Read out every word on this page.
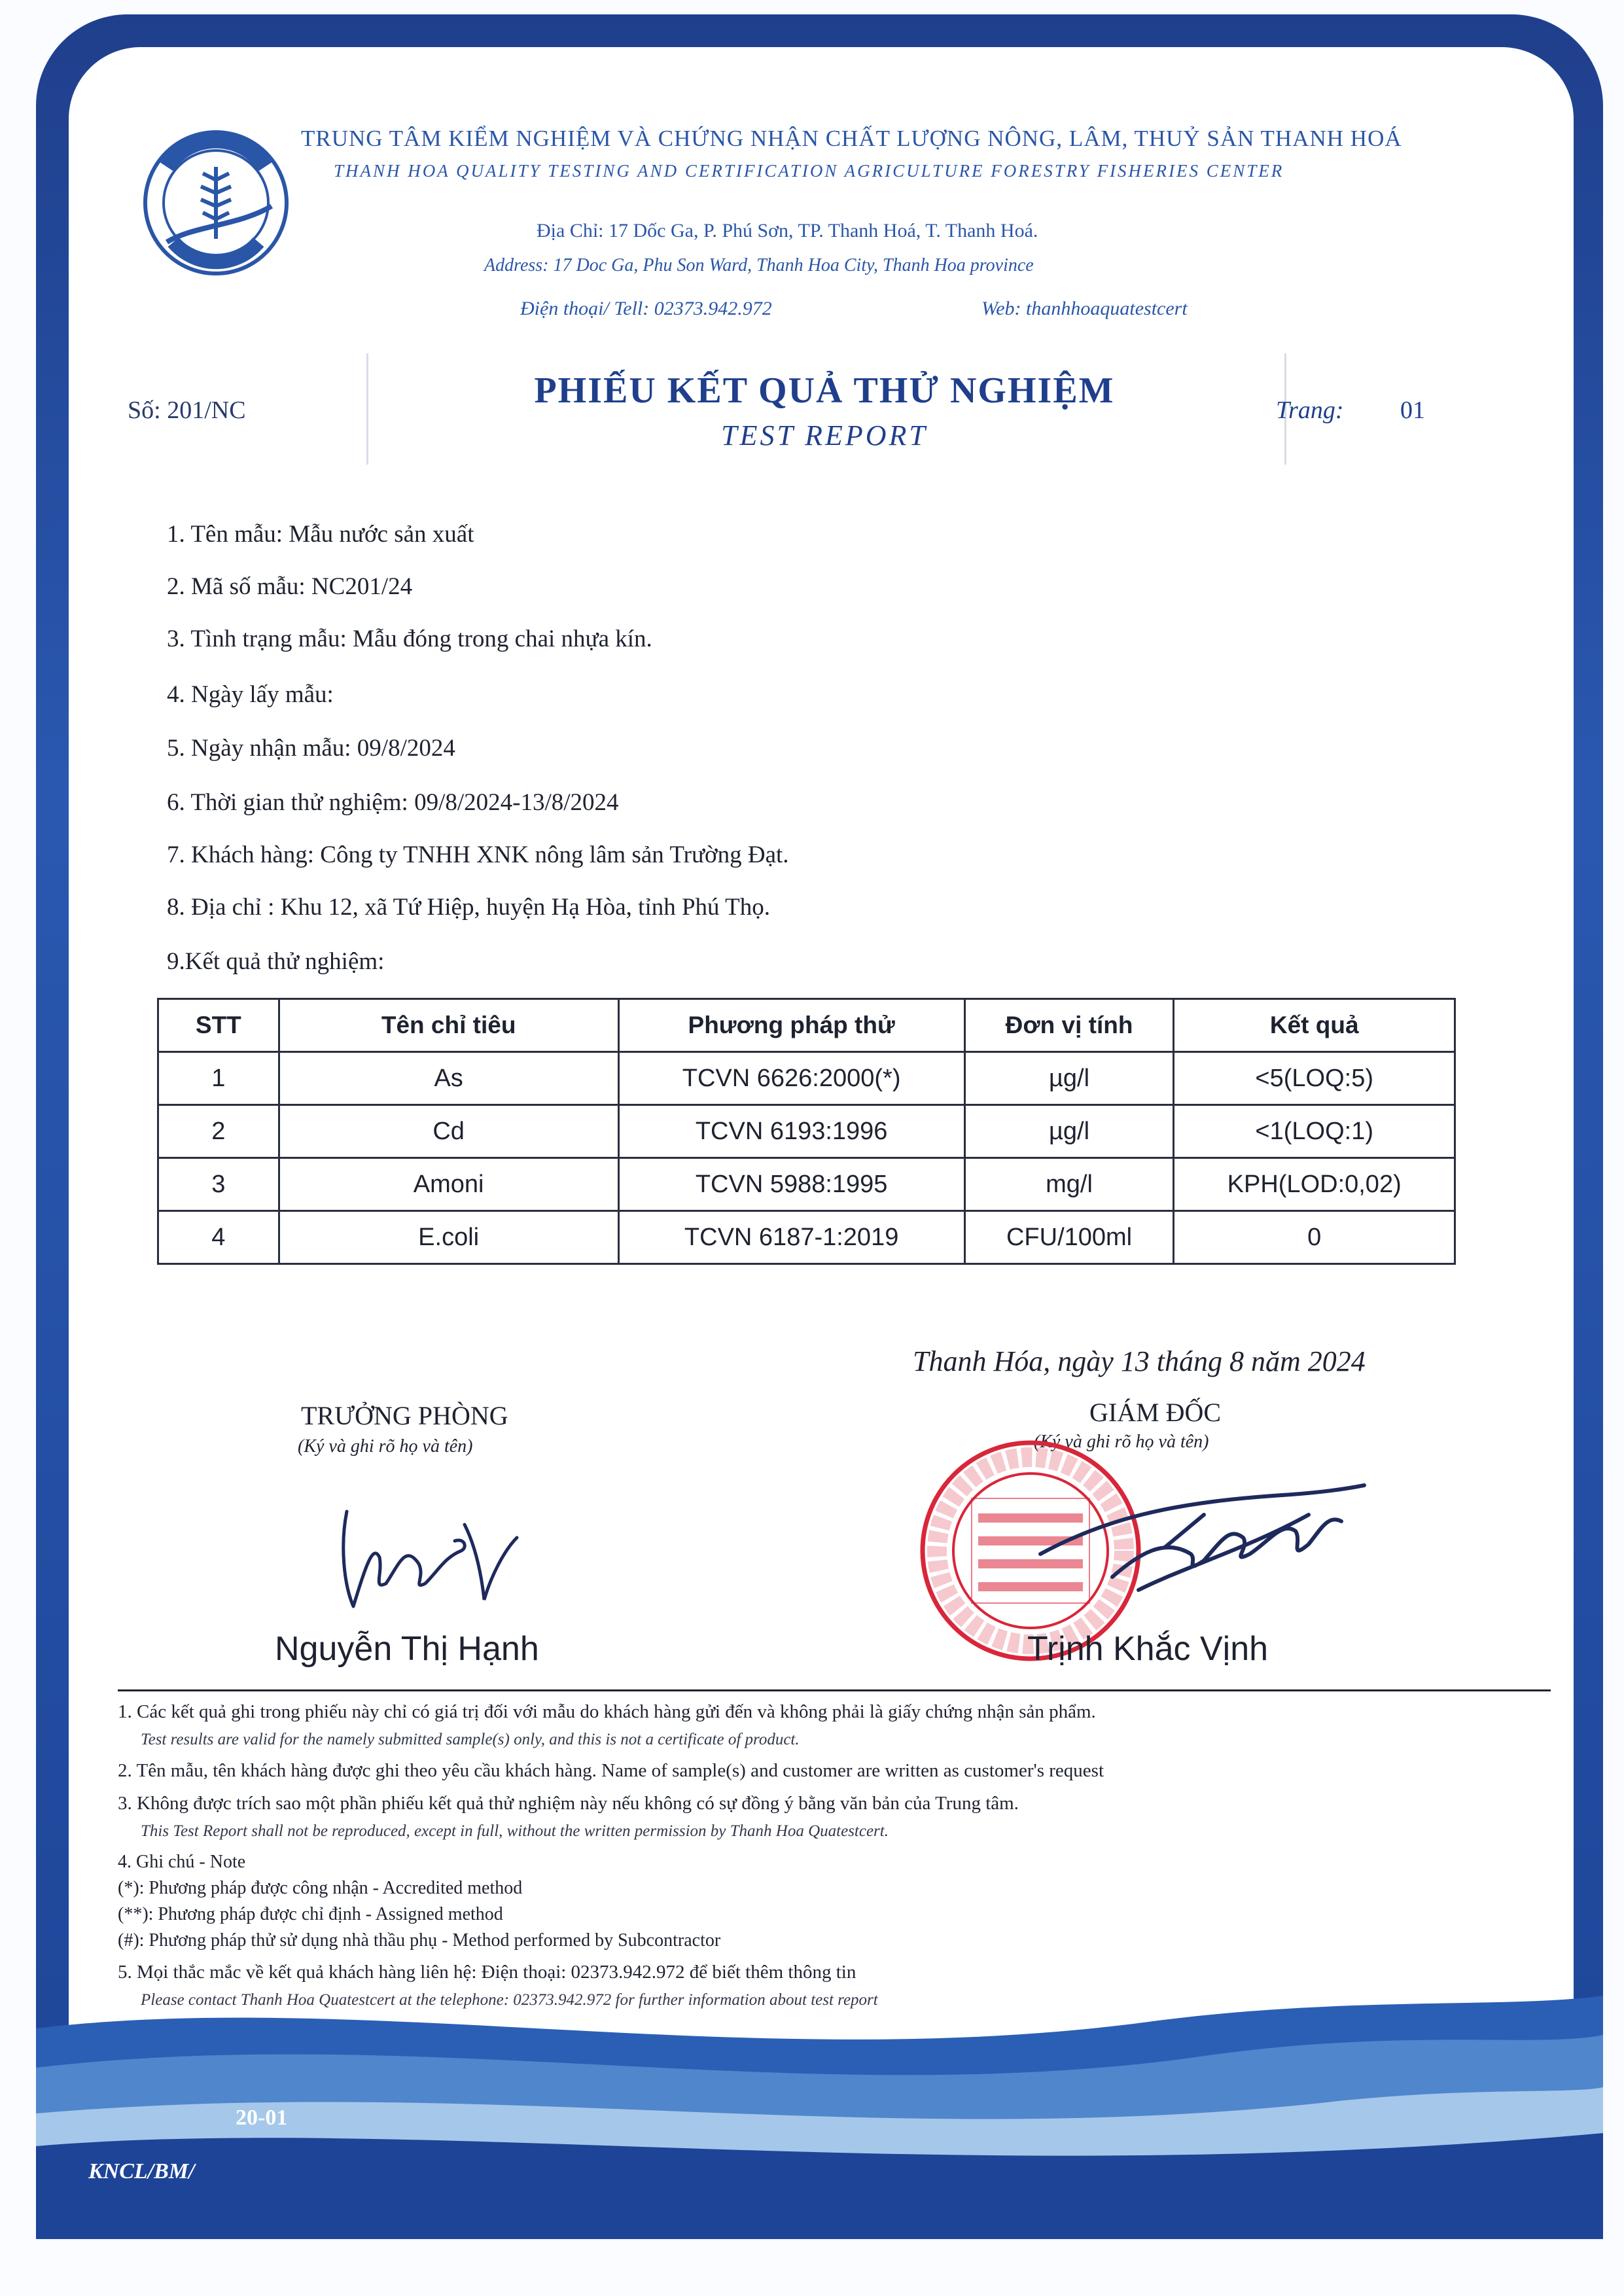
TRUNG TÂM KIỂM NGHIỆM VÀ CHỨNG NHẬN CHẤT LƯỢNG NÔNG, LÂM, THUỶ SẢN THANH HOÁ
THANH HOA QUALITY TESTING AND CERTIFICATION AGRICULTURE FORESTRY FISHERIES CENTER
Địa Chỉ: 17 Dốc Ga, P. Phú Sơn, TP. Thanh Hoá, T. Thanh Hoá.
Address: 17 Doc Ga, Phu Son Ward, Thanh Hoa City, Thanh Hoa province
Điện thoại/ Tell: 02373.942.972	Web: thanhhoaquatestcert
Số: 201/NC	PHIẾU KẾT QUẢ THỬ NGHIỆM
TEST REPORT
Trang: 01
1. Tên mẫu: Mẫu nước sản xuất
2. Mã số mẫu: NC201/24
3. Tình trạng mẫu: Mẫu đóng trong chai nhựa kín.
4. Ngày lấy mẫu:
5. Ngày nhận mẫu: 09/8/2024
6. Thời gian thử nghiệm: 09/8/2024-13/8/2024
7. Khách hàng: Công ty TNHH XNK nông lâm sản Trường Đạt.
8. Địa chỉ : Khu 12, xã Tứ Hiệp, huyện Hạ Hòa, tỉnh Phú Thọ.
9.Kết quả thử nghiệm:
STT	Tên chỉ tiêu	Phương pháp thử	Đơn vị tính	Kết quả
1	As	TCVN 6626:2000(*)	µg/l	<5(LOQ:5)
2	Cd	TCVN 6193:1996	µg/l	<1(LOQ:1)
3	Amoni	TCVN 5988:1995	mg/l	KPH(LOD:0,02)
4	E.coli	TCVN 6187-1:2019	CFU/100ml	0
Thanh Hóa, ngày 13 tháng 8 năm 2024
TRƯỞNG PHÒNG
(Ký và ghi rõ họ và tên)
GIÁM ĐỐC
(Ký và ghi rõ họ và tên)
Nguyễn Thị Hạnh	Trịnh Khắc Vịnh
1. Các kết quả ghi trong phiếu này chỉ có giá trị đối với mẫu do khách hàng gửi đến và không phải là giấy chứng nhận sản phẩm.
Test results are valid for the namely submitted sample(s) only, and this is not a certificate of product.
2. Tên mẫu, tên khách hàng được ghi theo yêu cầu khách hàng. Name of sample(s) and customer are written as customer's request
3. Không được trích sao một phần phiếu kết quả thử nghiệm này nếu không có sự đồng ý bằng văn bản của Trung tâm.
This Test Report shall not be reproduced, except in full, without the written permission by Thanh Hoa Quatestcert.
4. Ghi chú - Note
(*): Phương pháp được công nhận - Accredited method
(**): Phương pháp được chỉ định - Assigned method
(#): Phương pháp thử sử dụng nhà thầu phụ - Method performed by Subcontractor
5. Mọi thắc mắc về kết quả khách hàng liên hệ: Điện thoại: 02373.942.972 để biết thêm thông tin
Please contact Thanh Hoa Quatestcert at the telephone: 02373.942.972 for further information about test report
20-01
KNCL/BM/
